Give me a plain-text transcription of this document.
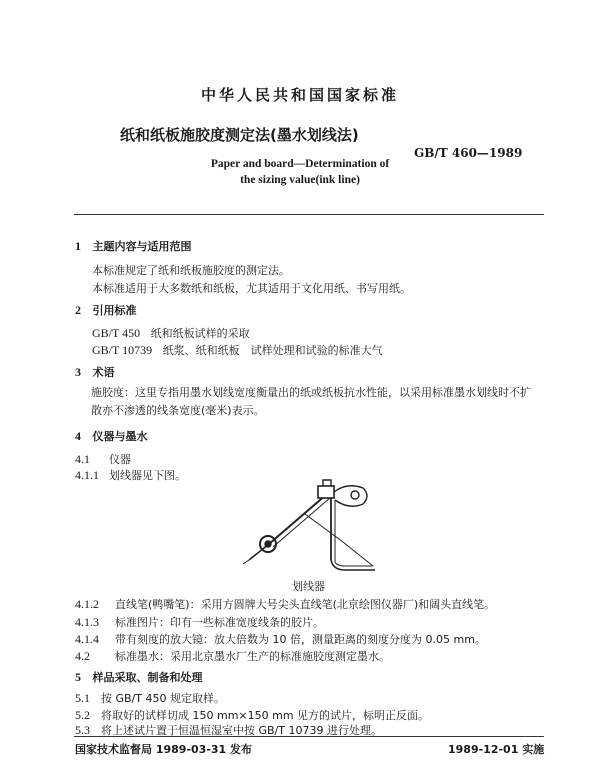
中华人民共和国国家标准
纸和纸板施胶度测定法(墨水划线法)
GB/T 460—1989
Paper and board—Determination of
the sizing value(ink line)
1 主题内容与适用范围
本标准规定了纸和纸板施胶度的测定法。
本标准适用于大多数纸和纸板，尤其适用于文化用纸、书写用纸。
2 引用标准
GB/T 450 纸和纸板试样的采取
GB/T 10739 纸浆、纸和纸板　试样处理和试验的标准大气
3 术语
施胶度：这里专指用墨水划线宽度衡量出的纸或纸板抗水性能，以采用标准墨水划线时不扩散亦不渗透的线条宽度(毫米)表示。
4 仪器与墨水
4.1 仪器
4.1.1 划线器见下图。
划线器
4.1.2 直线笔(鸭嘴笔)：采用方圆牌大号尖头直线笔(北京绘图仪器厂)和阔头直线笔。
4.1.3 标准图片：印有一些标准宽度线条的胶片。
4.1.4 带有刻度的放大镜：放大倍数为 10 倍，测量距离的刻度分度为 0.05 mm。
4.2 标准墨水：采用北京墨水厂生产的标准施胶度测定墨水。
5 样品采取、制备和处理
5.1 按 GB/T 450 规定取样。
5.2 将取好的试样切成 150 mm×150 mm 见方的试片，标明正反面。
5.3 将上述试片置于恒温恒湿室中按 GB/T 10739 进行处理。
国家技术监督局 1989-03-31 发布	1989-12-01 实施
